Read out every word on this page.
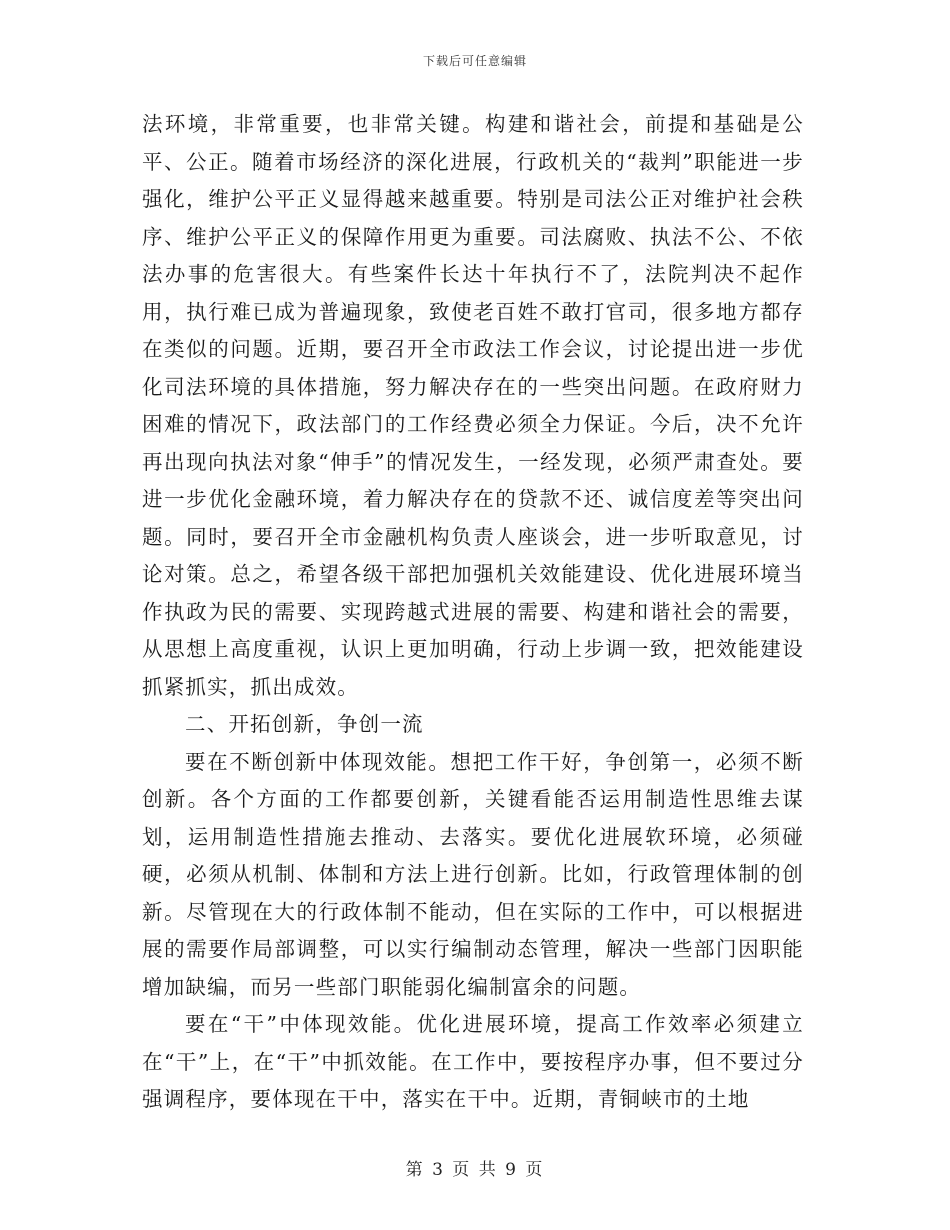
下载后可任意编辑

法环境，非常重要，也非常关键。构建和谐社会，前提和基础是公平、公正。随着市场经济的深化进展，行政机关的“裁判”职能进一步强化，维护公平正义显得越来越重要。特别是司法公正对维护社会秩序、维护公平正义的保障作用更为重要。司法腐败、执法不公、不依法办事的危害很大。有些案件长达十年执行不了，法院判决不起作用，执行难已成为普遍现象，致使老百姓不敢打官司，很多地方都存在类似的问题。近期，要召开全市政法工作会议，讨论提出进一步优化司法环境的具体措施，努力解决存在的一些突出问题。在政府财力困难的情况下，政法部门的工作经费必须全力保证。今后，决不允许再出现向执法对象“伸手”的情况发生，一经发现，必须严肃查处。要进一步优化金融环境，着力解决存在的贷款不还、诚信度差等突出问题。同时，要召开全市金融机构负责人座谈会，进一步听取意见，讨论对策。总之，希望各级干部把加强机关效能建设、优化进展环境当作执政为民的需要、实现跨越式进展的需要、构建和谐社会的需要，从思想上高度重视，认识上更加明确，行动上步调一致，把效能建设抓紧抓实，抓出成效。

二、开拓创新，争创一流

要在不断创新中体现效能。想把工作干好，争创第一，必须不断创新。各个方面的工作都要创新，关键看能否运用制造性思维去谋划，运用制造性措施去推动、去落实。要优化进展软环境，必须碰硬，必须从机制、体制和方法上进行创新。比如，行政管理体制的创新。尽管现在大的行政体制不能动，但在实际的工作中，可以根据进展的需要作局部调整，可以实行编制动态管理，解决一些部门因职能增加缺编，而另一些部门职能弱化编制富余的问题。

要在“干”中体现效能。优化进展环境，提高工作效率必须建立在“干”上，在“干”中抓效能。在工作中，要按程序办事，但不要过分强调程序，要体现在干中，落实在干中。近期，青铜峡市的土地

第 3 页 共 9 页
